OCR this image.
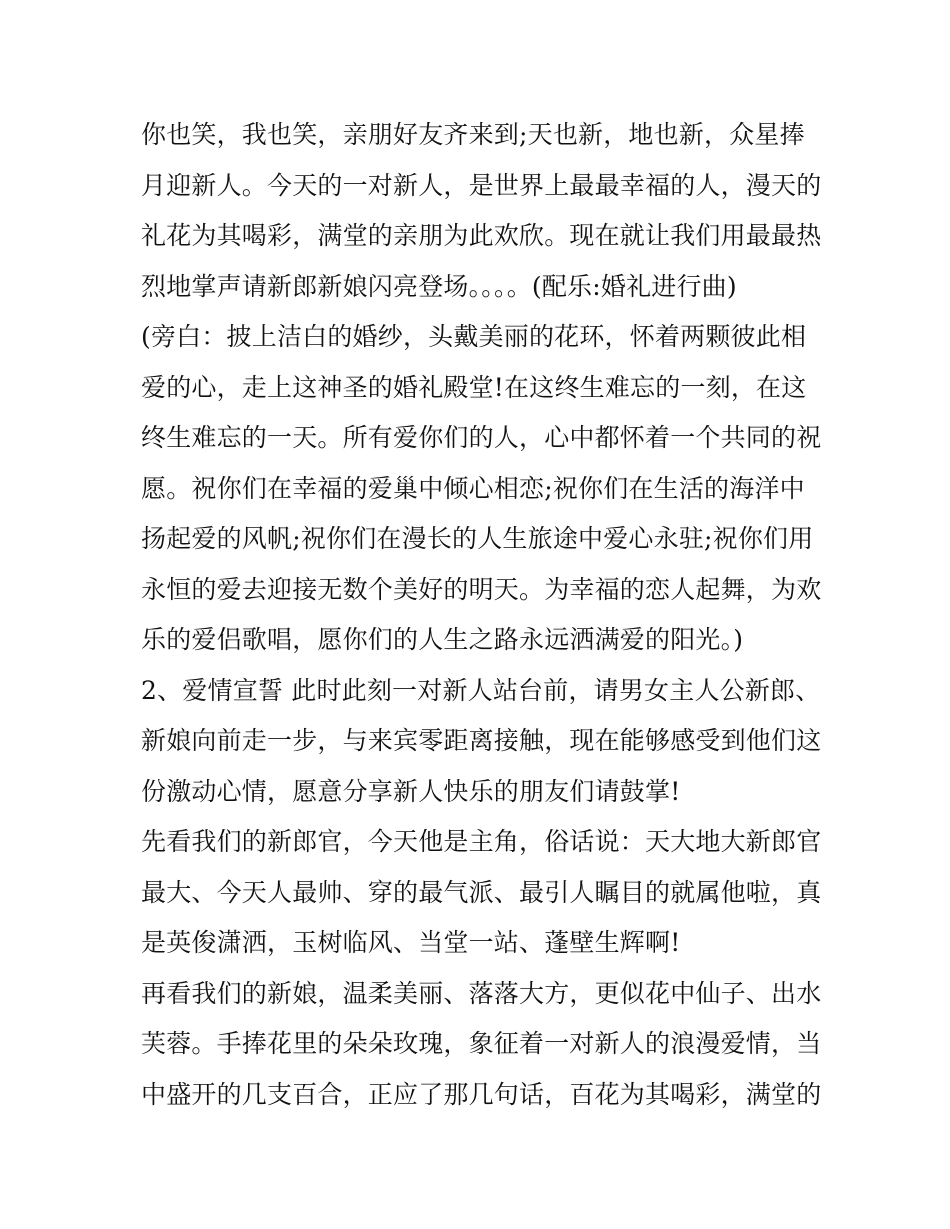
你也笑，我也笑，亲朋好友齐来到;天也新，地也新，众星捧
月迎新人。今天的一对新人，是世界上最最幸福的人，漫天的
礼花为其喝彩，满堂的亲朋为此欢欣。现在就让我们用最最热
烈地掌声请新郎新娘闪亮登场。。。。(配乐:婚礼进行曲)
(旁白：披上洁白的婚纱，头戴美丽的花环，怀着两颗彼此相
爱的心，走上这神圣的婚礼殿堂!在这终生难忘的一刻，在这
终生难忘的一天。所有爱你们的人，心中都怀着一个共同的祝
愿。祝你们在幸福的爱巢中倾心相恋;祝你们在生活的海洋中
扬起爱的风帆;祝你们在漫长的人生旅途中爱心永驻;祝你们用
永恒的爱去迎接无数个美好的明天。为幸福的恋人起舞，为欢
乐的爱侣歌唱，愿你们的人生之路永远洒满爱的阳光。)
2、爱情宣誓 此时此刻一对新人站台前，请男女主人公新郎、
新娘向前走一步，与来宾零距离接触，现在能够感受到他们这
份激动心情，愿意分享新人快乐的朋友们请鼓掌!
先看我们的新郎官，今天他是主角，俗话说：天大地大新郎官
最大、今天人最帅、穿的最气派、最引人瞩目的就属他啦，真
是英俊潇洒，玉树临风、当堂一站、蓬壁生辉啊!
再看我们的新娘，温柔美丽、落落大方，更似花中仙子、出水
芙蓉。手捧花里的朵朵玫瑰，象征着一对新人的浪漫爱情，当
中盛开的几支百合，正应了那几句话，百花为其喝彩，满堂的
